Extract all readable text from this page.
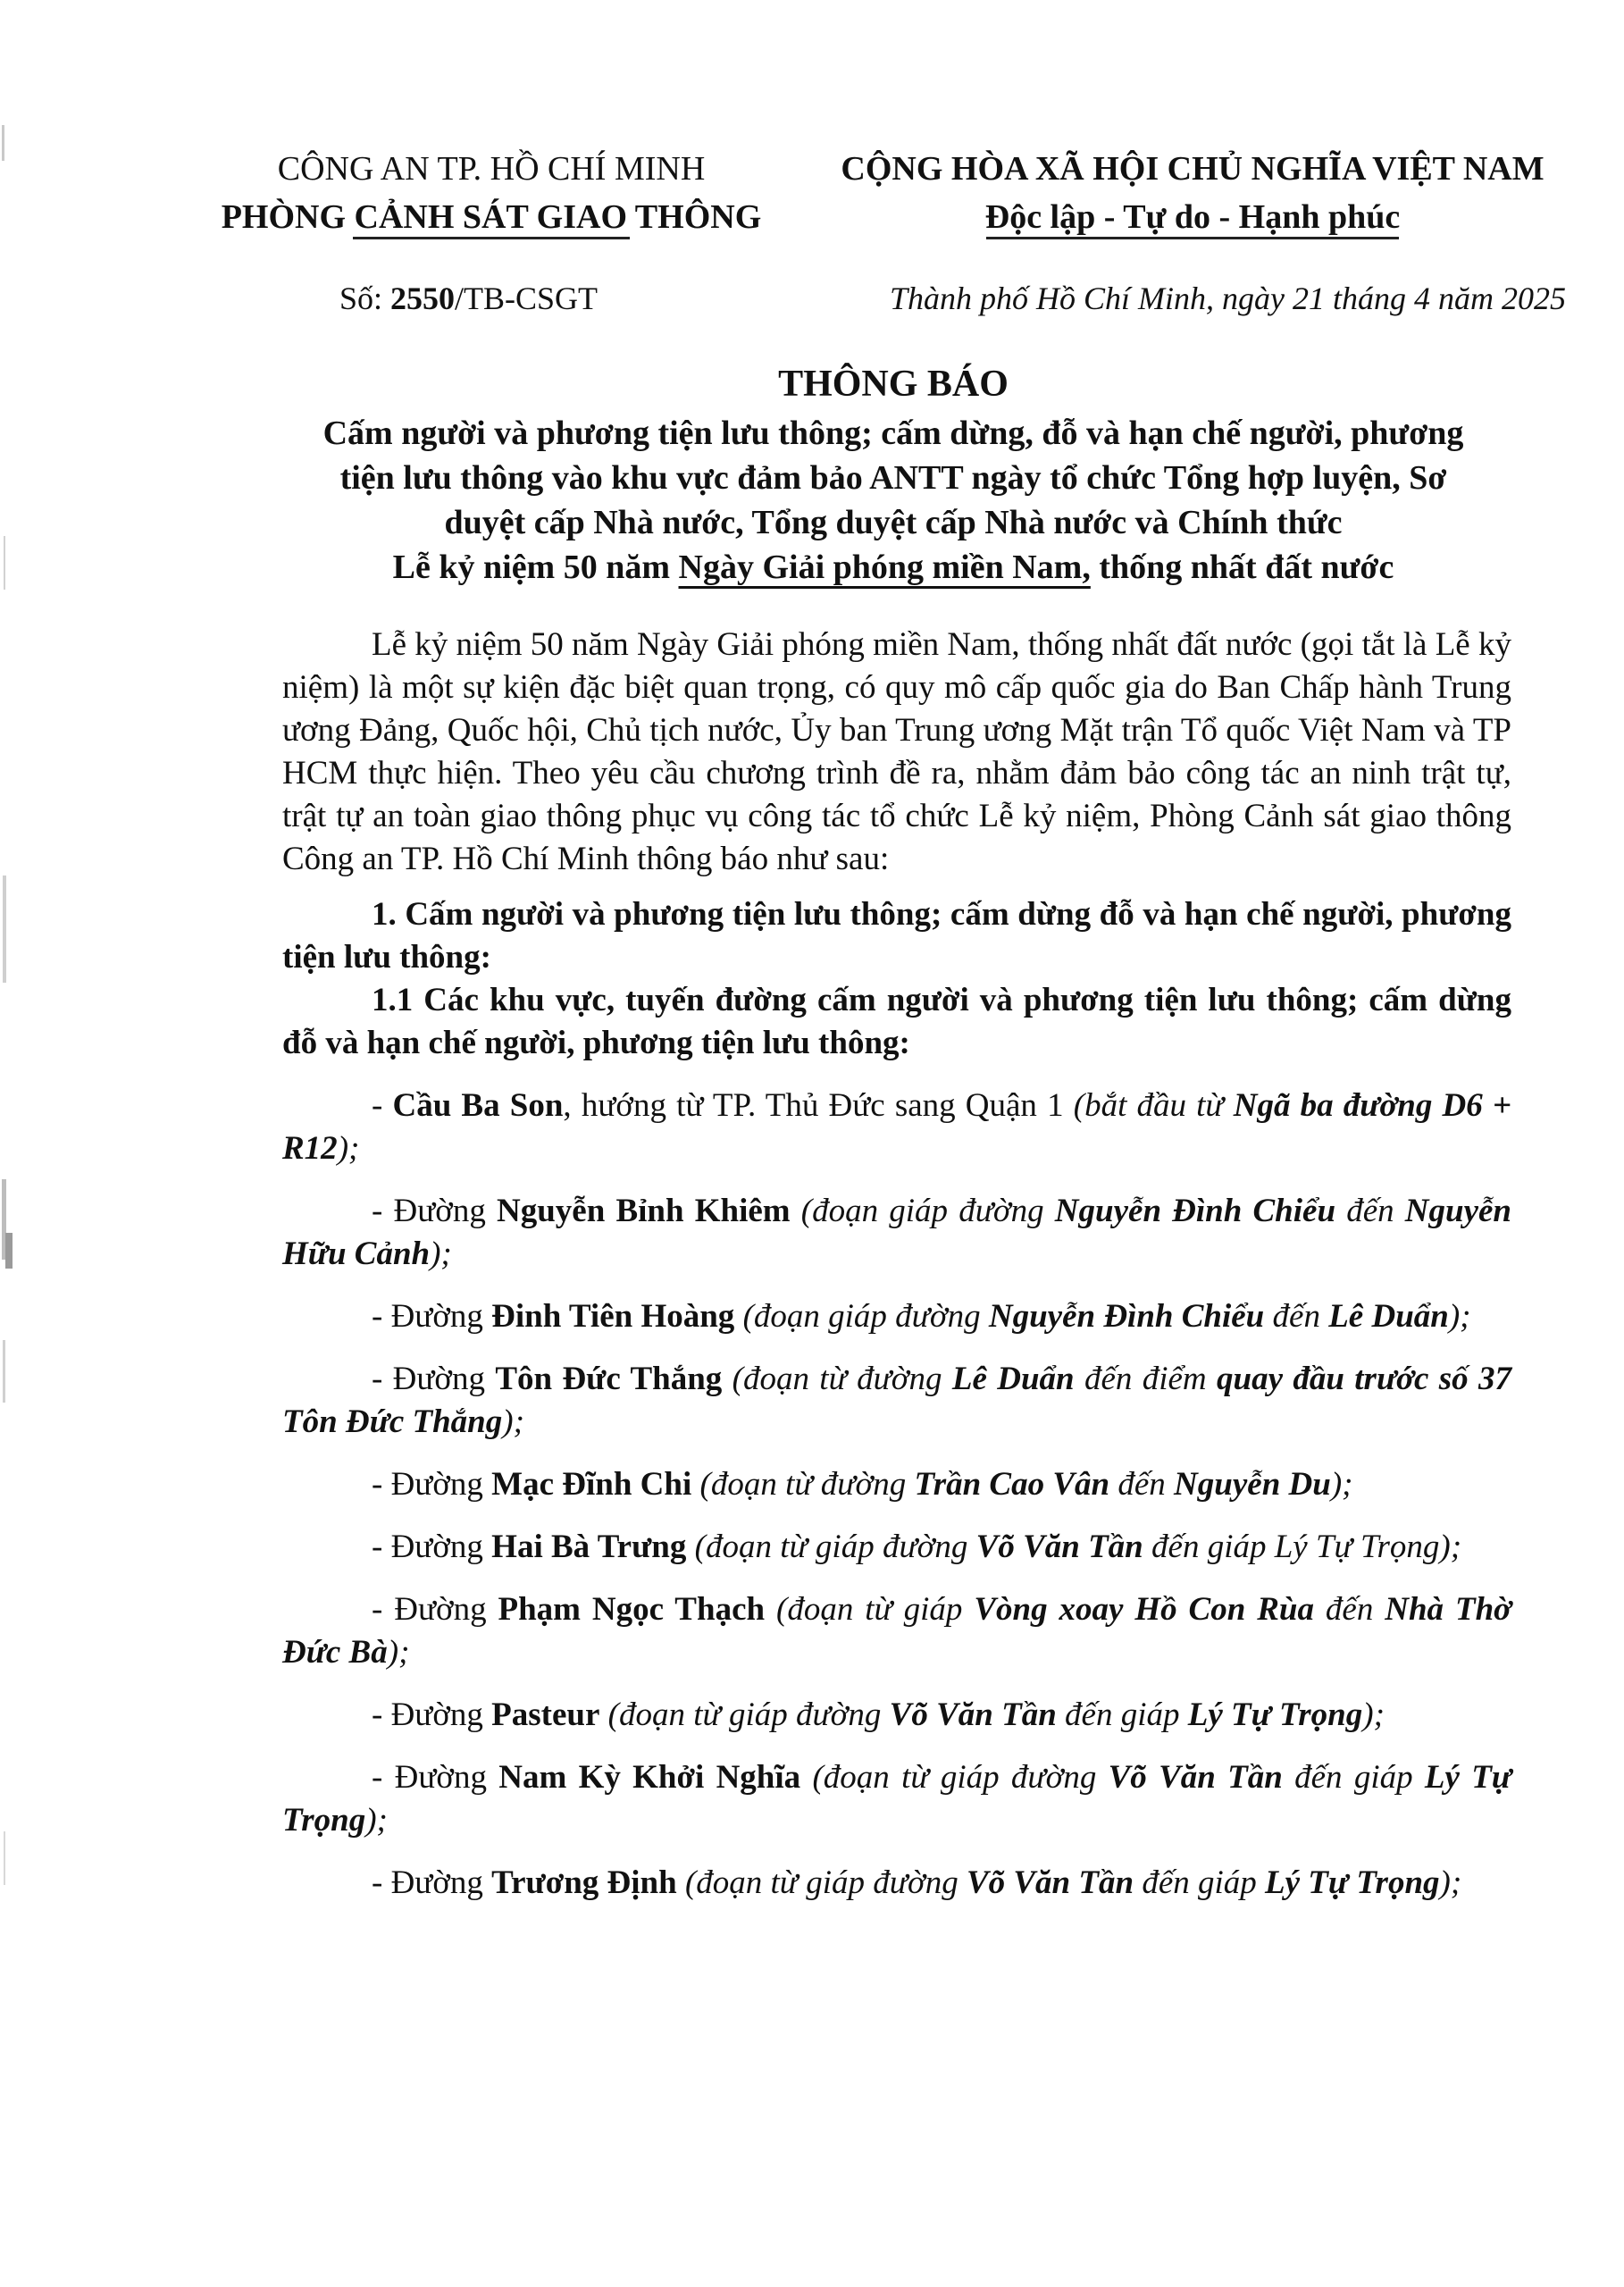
CÔNG AN TP. HỒ CHÍ MINH
PHÒNG CẢNH SÁT GIAO THÔNG
CỘNG HÒA XÃ HỘI CHỦ NGHĨA VIỆT NAM
Độc lập - Tự do - Hạnh phúc
Số: 2550/TB-CSGT	Thành phố Hồ Chí Minh, ngày 21 tháng 4 năm 2025
THÔNG BÁO
Cấm người và phương tiện lưu thông; cấm dừng, đỗ và hạn chế người, phương
tiện lưu thông vào khu vực đảm bảo ANTT ngày tổ chức Tổng hợp luyện, Sơ
duyệt cấp Nhà nước, Tổng duyệt cấp Nhà nước và Chính thức
Lễ kỷ niệm 50 năm Ngày Giải phóng miền Nam, thống nhất đất nước

Lễ kỷ niệm 50 năm Ngày Giải phóng miền Nam, thống nhất đất nước (gọi tắt là Lễ kỷ niệm) là một sự kiện đặc biệt quan trọng, có quy mô cấp quốc gia do Ban Chấp hành Trung ương Đảng, Quốc hội, Chủ tịch nước, Ủy ban Trung ương Mặt trận Tổ quốc Việt Nam và TP HCM thực hiện. Theo yêu cầu chương trình đề ra, nhằm đảm bảo công tác an ninh trật tự, trật tự an toàn giao thông phục vụ công tác tổ chức Lễ kỷ niệm, Phòng Cảnh sát giao thông Công an TP. Hồ Chí Minh thông báo như sau:

1. Cấm người và phương tiện lưu thông; cấm dừng đỗ và hạn chế người, phương tiện lưu thông:

1.1 Các khu vực, tuyến đường cấm người và phương tiện lưu thông; cấm dừng đỗ và hạn chế người, phương tiện lưu thông:

- Cầu Ba Son, hướng từ TP. Thủ Đức sang Quận 1 (bắt đầu từ Ngã ba đường D6 + R12);

- Đường Nguyễn Bỉnh Khiêm (đoạn giáp đường Nguyễn Đình Chiểu đến Nguyễn Hữu Cảnh);

- Đường Đinh Tiên Hoàng (đoạn giáp đường Nguyễn Đình Chiểu đến Lê Duẩn);

- Đường Tôn Đức Thắng (đoạn từ đường Lê Duẩn đến điểm quay đầu trước số 37 Tôn Đức Thắng);

- Đường Mạc Đĩnh Chi (đoạn từ đường Trần Cao Vân đến Nguyễn Du);

- Đường Hai Bà Trưng (đoạn từ giáp đường Võ Văn Tần đến giáp Lý Tự Trọng);

- Đường Phạm Ngọc Thạch (đoạn từ giáp Vòng xoay Hồ Con Rùa đến Nhà Thờ Đức Bà);

- Đường Pasteur (đoạn từ giáp đường Võ Văn Tần đến giáp Lý Tự Trọng);

- Đường Nam Kỳ Khởi Nghĩa (đoạn từ giáp đường Võ Văn Tần đến giáp Lý Tự Trọng);

- Đường Trương Định (đoạn từ giáp đường Võ Văn Tần đến giáp Lý Tự Trọng);
